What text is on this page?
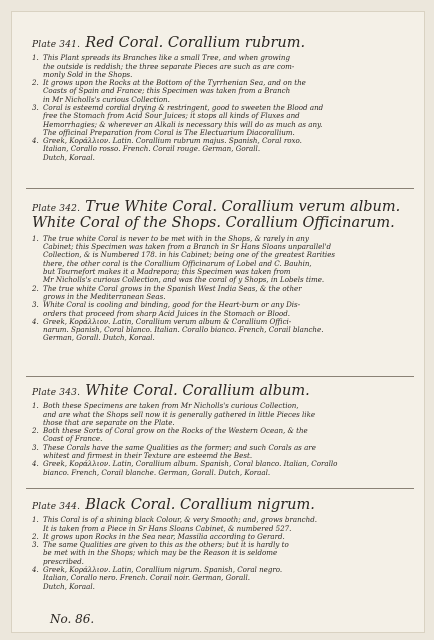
Plate 341. Red Coral. Corallium rubrum.
1. This Plant spreads its Branches like a small Tree, and when growing
the outside is reddish; the three separate Pieces are such as are com-
monly Sold in the Shops.
2. It grows upon the Rocks at the Bottom of the Tyrrhenian Sea, and on the
Coasts of Spain and France; this Specimen was taken from a Branch
in Mr Nicholls's curious Collection.
3. Coral is esteemd cordial drying & restringent, good to sweeten the Blood and
free the Stomach from Acid Sour Juices; it stops all kinds of Fluxes and
Hemorrhagies; & wherever an Alkali is necessary this will do as much as any.
The officinal Preparation from Coral is The Electuarium Diacorallium.
4. Greek, Κοράλλιον. Latin. Corallium rubrum majus. Spanish, Coral roxo.
Italian, Corallo rosso. French. Corail rouge. German, Gorall.
Dutch, Koraal.
Plate 342. True White Coral. Corallium verum album.
White Coral of the Shops. Corallium Officinarum.
1. The true white Coral is never to be met with in the Shops, & rarely in any
Cabinet; this Specimen was taken from a Branch in Sr Hans Sloans unparallel'd
Collection, & is Numbered 178. in his Cabinet; being one of the greatest Rarities
there, the other coral is the Corallium Officinarum of Lobel and C. Bauhin,
but Tournefort makes it a Madrepora; this Specimen was taken from
Mr Nicholls's curious Collection, and was the coral of y Shops, in Lobels time.
2. The true white Coral grows in the Spanish West India Seas, & the other
grows in the Mediterranean Seas.
3. White Coral is cooling and binding, good for the Heart-burn or any Dis-
orders that proceed from sharp Acid Juices in the Stomach or Blood.
4. Greek, Κοράλλιον. Latin, Corallium verum album & Corallium Offici-
narum. Spanish, Coral blanco. Italian. Corallo bianco. French, Corail blanche.
German, Gorall. Dutch, Koraal.
Plate 343. White Coral. Corallium album.
1. Both these Specimens are taken from Mr Nicholls's curious Collection,
and are what the Shops sell now it is generally gathered in little Pieces like
those that are separate on the Plate.
2. Both these Sorts of Coral grow on the Rocks of the Western Ocean, & the
Coast of France.
3. These Corals have the same Qualities as the former; and such Corals as are
whitest and firmest in their Texture are esteemd the Best.
4. Greek, Κοράλλιον. Latin, Corallium album. Spanish, Coral blanco. Italian, Corallo
bianco. French, Corail blanche. German, Gorall. Dutch, Koraal.
Plate 344. Black Coral. Corallium nigrum.
1. This Coral is of a shining black Colour, & very Smooth; and, grows branchd.
It is taken from a Piece in Sr Hans Sloans Cabinet, & numbered 527.
2. It grows upon Rocks in the Sea near, Massilia according to Gerard.
3. The same Qualities are given to this as the others; but it is hardly to
be met with in the Shops; which may be the Reason it is seldome
prescribed.
4. Greek, Κοράλλιον. Latin, Corallium nigrum. Spanish, Coral negro.
Italian, Corallo nero. French. Corail noir. German, Gorall.
Dutch, Koraal.
No. 86.
